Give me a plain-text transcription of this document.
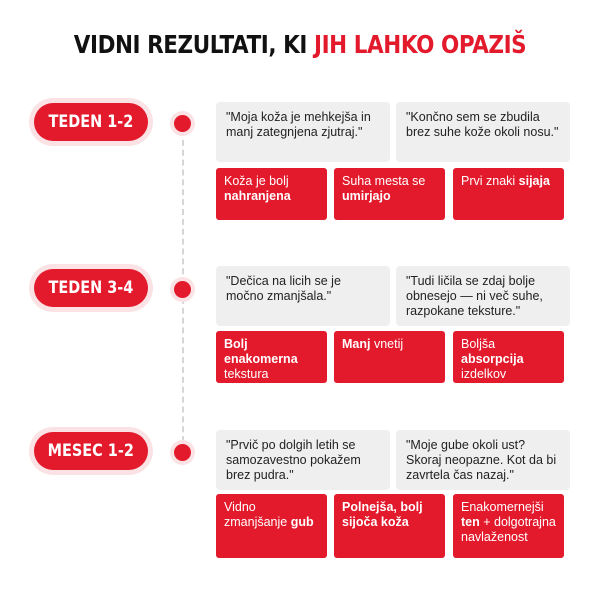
VIDNI REZULTATI, KI JIH LAHKO OPAZIŠ
TEDEN 1-2	"Moja koža je mehkejša in manj zategnjena zjutraj."
"Končno sem se zbudila brez suhe kože okoli nosu."
Koža je bolj nahranjena
Suha mesta se umirjajo
Prvi znaki sijaja
TEDEN 3-4	"Dečica na licih se je močno zmanjšala."
"Tudi ličila se zdaj bolje obnesejo — ni več suhe, razpokane teksture."
Bolj enakomerna tekstura
Manj vnetij	Boljša absorpcija izdelkov
MESEC 1-2	"Prvič po dolgih letih se samozavestno pokažem brez pudra."
"Moje gube okoli ust? Skoraj neopazne. Kot da bi zavrtela čas nazaj."
Vidno zmanjšanje gub
Polnejša, bolj sijoča koža
Enakomernejši ten + dolgotrajna navlaženost
